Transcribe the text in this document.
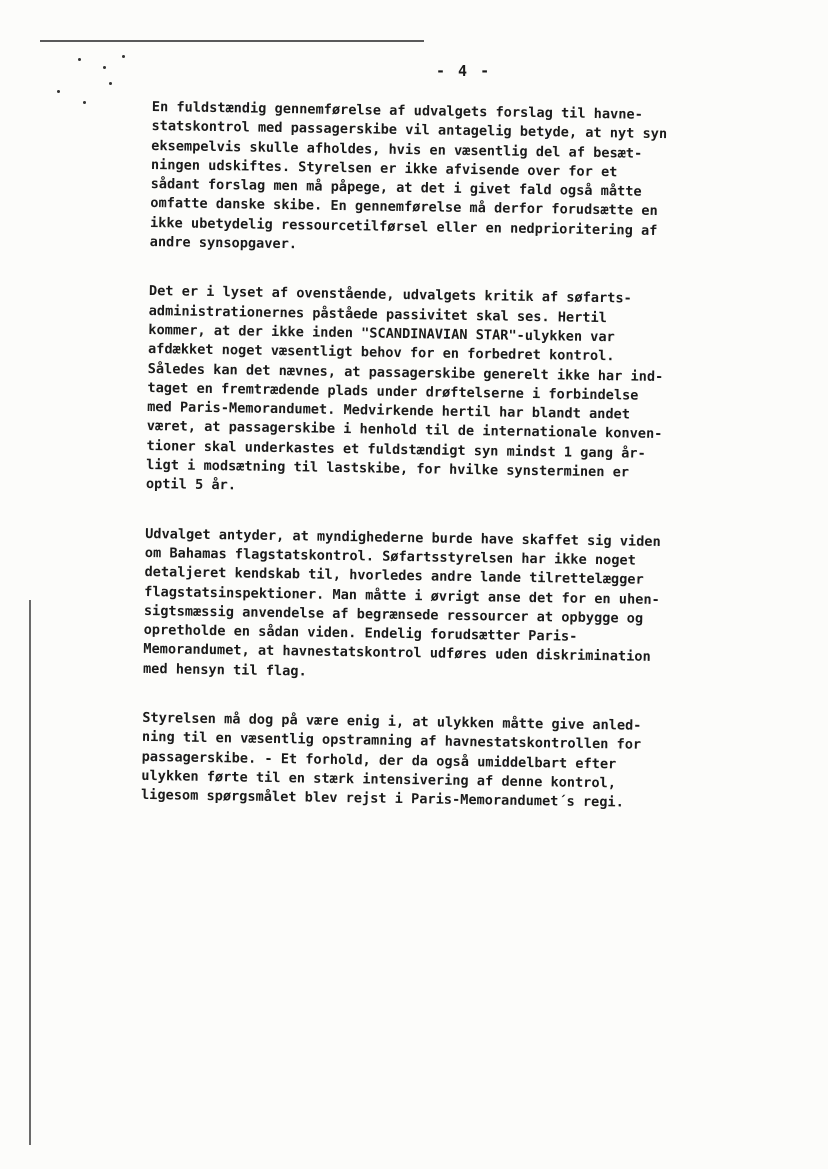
- 4 -
En fuldstændig gennemførelse af udvalgets forslag til havne-
statskontrol med passagerskibe vil antagelig betyde, at nyt syn
eksempelvis skulle afholdes, hvis en væsentlig del af besæt-
ningen udskiftes. Styrelsen er ikke afvisende over for et
sådant forslag men må påpege, at det i givet fald også måtte
omfatte danske skibe. En gennemførelse må derfor forudsætte en
ikke ubetydelig ressourcetilførsel eller en nedprioritering af
andre synsopgaver.
Det er i lyset af ovenstående, udvalgets kritik af søfarts-
administrationernes påståede passivitet skal ses. Hertil
kommer, at der ikke inden "SCANDINAVIAN STAR"-ulykken var
afdækket noget væsentligt behov for en forbedret kontrol.
Således kan det nævnes, at passagerskibe generelt ikke har ind-
taget en fremtrædende plads under drøftelserne i forbindelse
med Paris-Memorandumet. Medvirkende hertil har blandt andet
været, at passagerskibe i henhold til de internationale konven-
tioner skal underkastes et fuldstændigt syn mindst 1 gang år-
ligt i modsætning til lastskibe, for hvilke synsterminen er
optil 5 år.
Udvalget antyder, at myndighederne burde have skaffet sig viden
om Bahamas flagstatskontrol. Søfartsstyrelsen har ikke noget
detaljeret kendskab til, hvorledes andre lande tilrettelægger
flagstatsinspektioner. Man måtte i øvrigt anse det for en uhen-
sigtsmæssig anvendelse af begrænsede ressourcer at opbygge og
opretholde en sådan viden. Endelig forudsætter Paris-
Memorandumet, at havnestatskontrol udføres uden diskrimination
med hensyn til flag.
Styrelsen må dog på være enig i, at ulykken måtte give anled-
ning til en væsentlig opstramning af havnestatskontrollen for
passagerskibe. - Et forhold, der da også umiddelbart efter
ulykken førte til en stærk intensivering af denne kontrol,
ligesom spørgsmålet blev rejst i Paris-Memorandumet´s regi.
